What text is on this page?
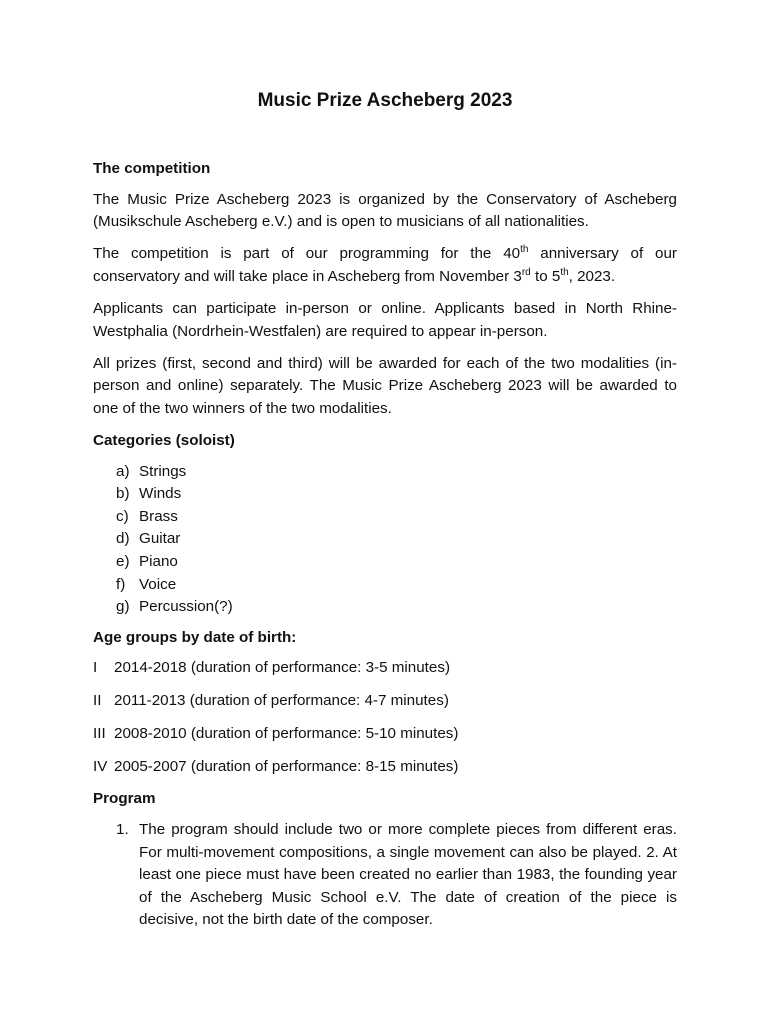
Music Prize Ascheberg 2023
The competition

The Music Prize Ascheberg 2023 is organized by the Conservatory of Ascheberg (Musikschule Ascheberg e.V.) and is open to musicians of all nationalities.

The competition is part of our programming for the 40th anniversary of our conservatory and will take place in Ascheberg from November 3rd to 5th, 2023.

Applicants can participate in-person or online. Applicants based in North Rhine-Westphalia (Nordrhein-Westfalen) are required to appear in-person.

All prizes (first, second and third) will be awarded for each of the two modalities (in-person and online) separately. The Music Prize Ascheberg 2023 will be awarded to one of the two winners of the two modalities.

Categories (soloist)
a) Strings
b) Winds
c) Brass
d) Guitar
e) Piano
f) Voice
g) Percussion(?)
Age groups by date of birth:
I	2014-2018 (duration of performance: 3-5 minutes)
II 2011-2013 (duration of performance: 4-7 minutes)
III 2008-2010 (duration of performance: 5-10 minutes)
IV 2005-2007 (duration of performance: 8-15 minutes)
Program
1. The program should include two or more complete pieces from different eras. For multi-movement compositions, a single movement can also be played. 2. At least one piece must have been created no earlier than 1983, the founding year of the Ascheberg Music School e.V. The date of creation of the piece is decisive, not the birth date of the composer.
